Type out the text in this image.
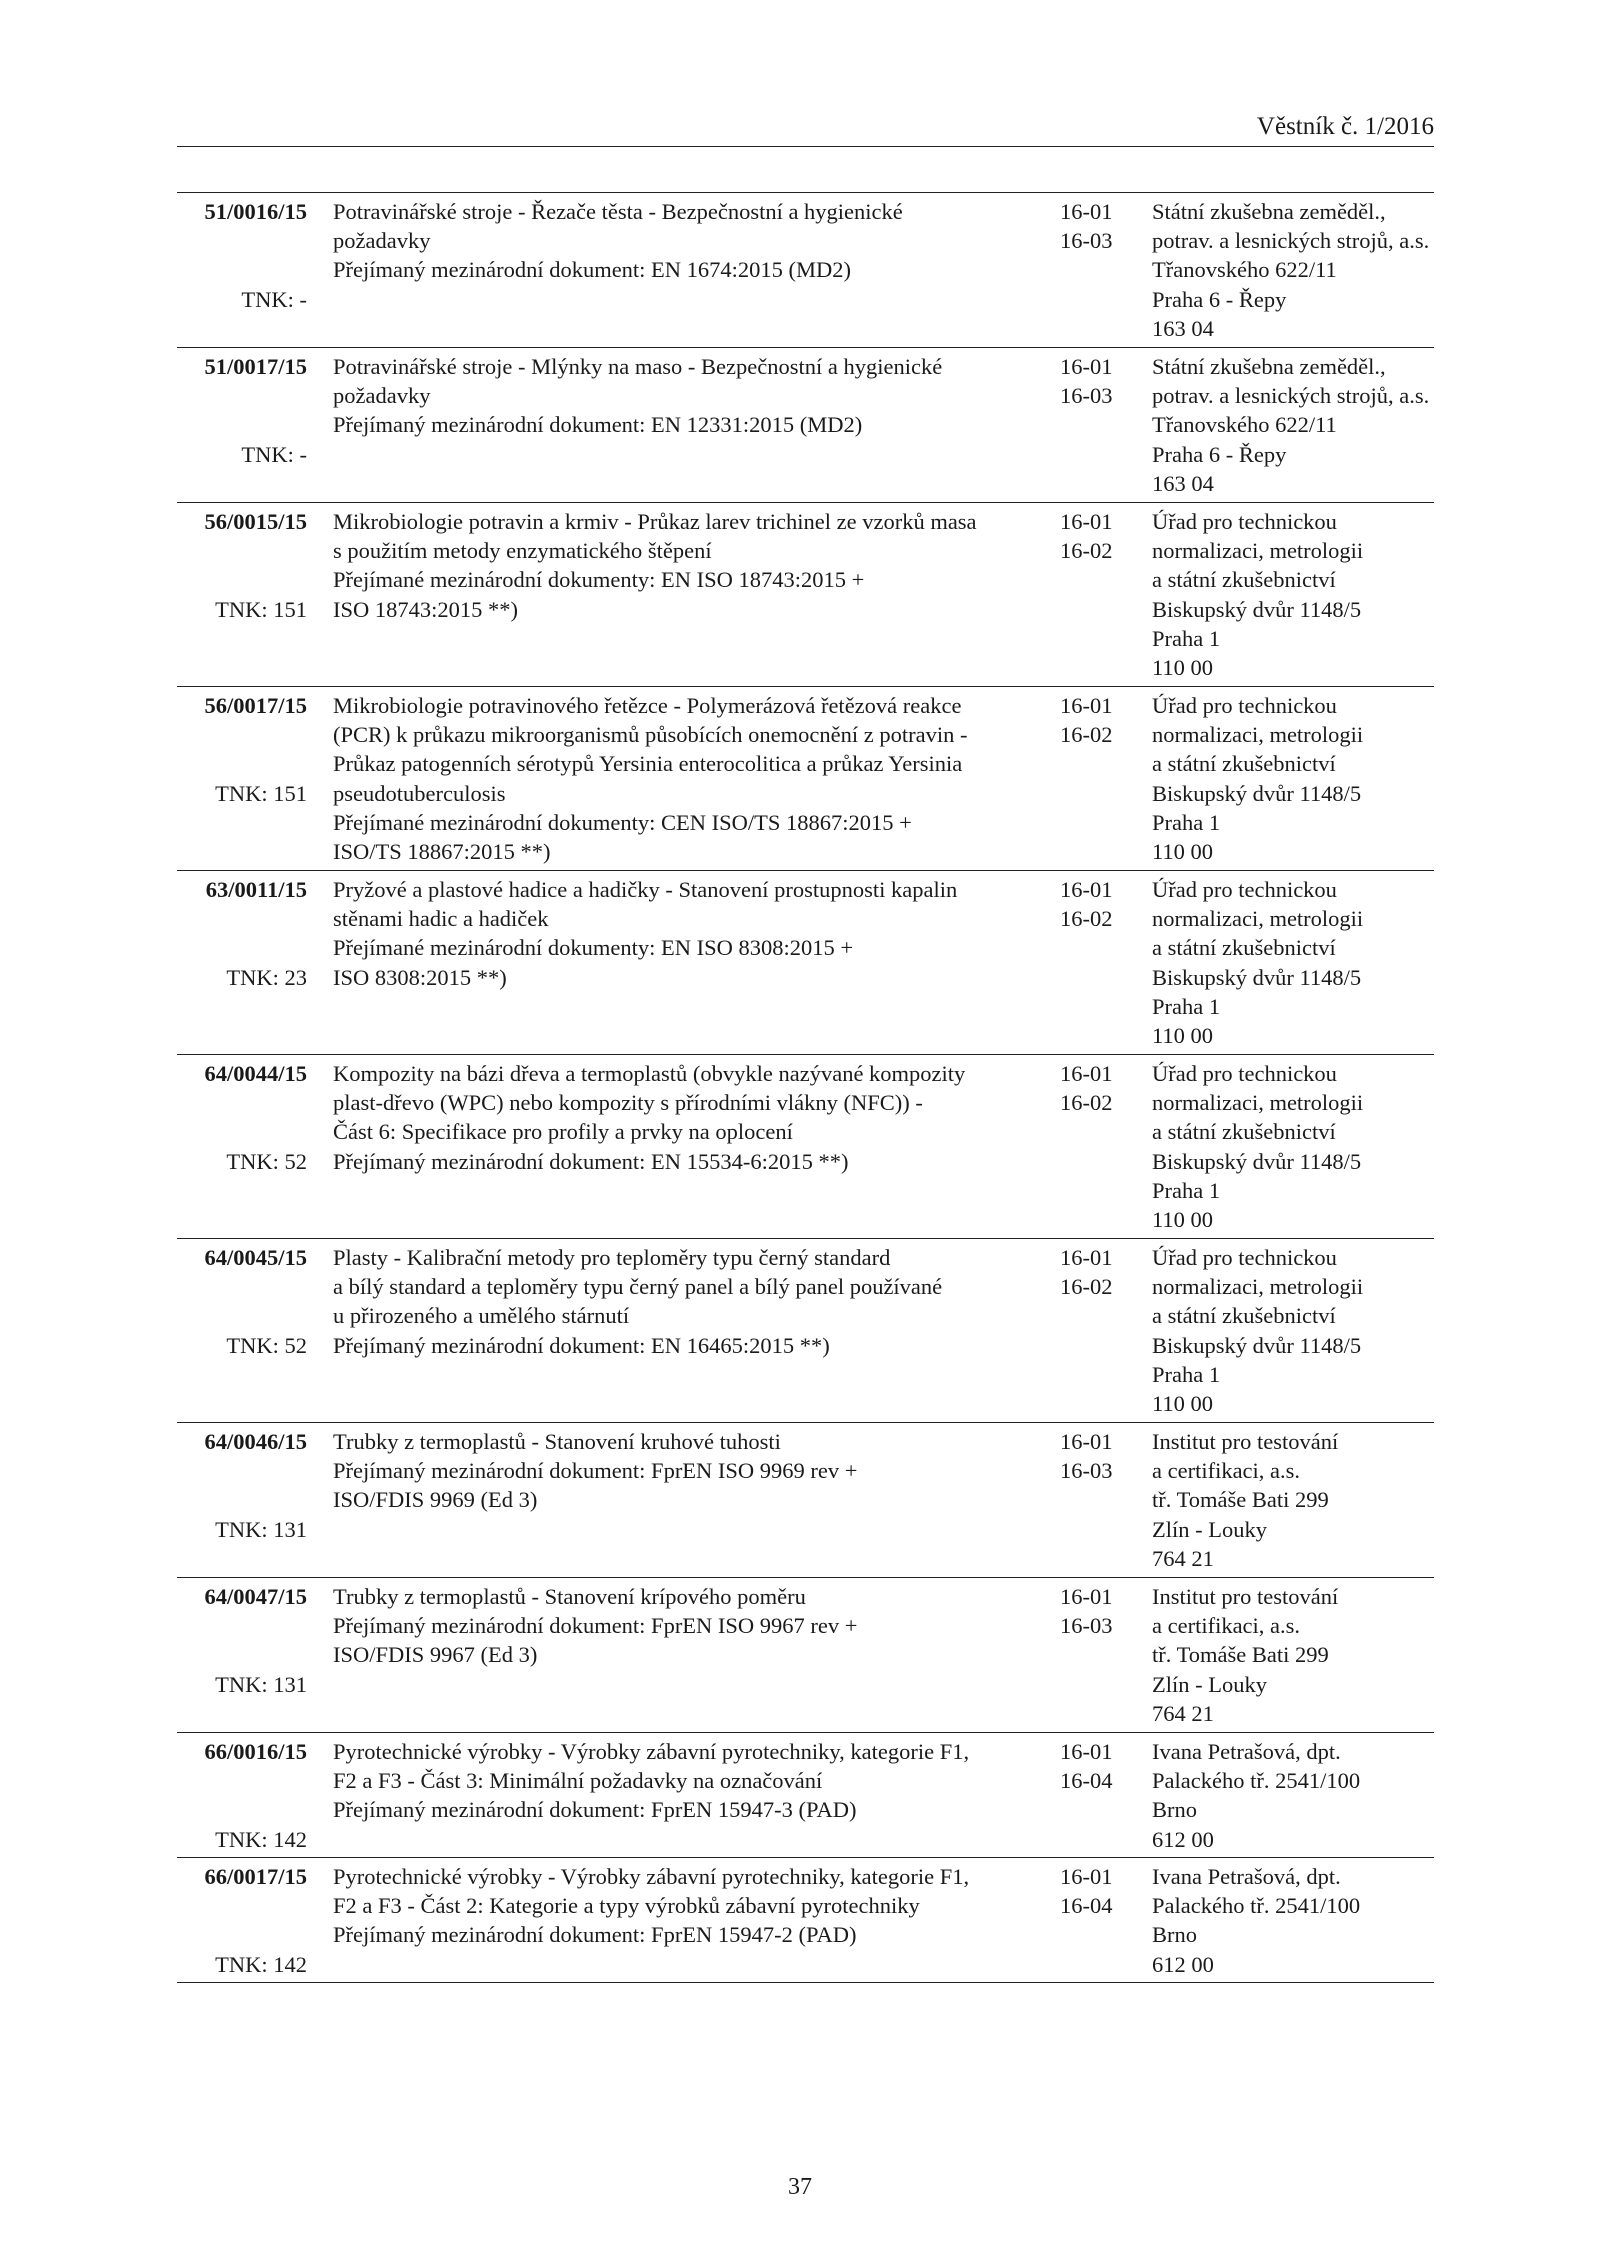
Věstník č. 1/2016
51/0016/15
TNK: -
Potravinářské stroje - Řezače těsta - Bezpečnostní a hygienické
požadavky
Přejímaný mezinárodní dokument: EN 1674:2015 (MD2)
16-01
16-03
Státní zkušebna zeměděl.,
potrav. a lesnických strojů, a.s.
Třanovského 622/11
Praha 6 - Řepy
163 04
51/0017/15
TNK: -
Potravinářské stroje - Mlýnky na maso - Bezpečnostní a hygienické
požadavky
Přejímaný mezinárodní dokument: EN 12331:2015 (MD2)
16-01
16-03
Státní zkušebna zeměděl.,
potrav. a lesnických strojů, a.s.
Třanovského 622/11
Praha 6 - Řepy
163 04
56/0015/15
TNK: 151
Mikrobiologie potravin a krmiv - Průkaz larev trichinel ze vzorků masa
s použitím metody enzymatického štěpení
Přejímané mezinárodní dokumenty: EN ISO 18743:2015 +
ISO 18743:2015 **)
16-01
16-02
Úřad pro technickou
normalizaci, metrologii
a státní zkušebnictví
Biskupský dvůr 1148/5
Praha 1
110 00
56/0017/15
TNK: 151
Mikrobiologie potravinového řetězce - Polymerázová řetězová reakce
(PCR) k průkazu mikroorganismů působících onemocnění z potravin -
Průkaz patogenních sérotypů Yersinia enterocolitica a průkaz Yersinia
pseudotuberculosis
Přejímané mezinárodní dokumenty: CEN ISO/TS 18867:2015 +
ISO/TS 18867:2015 **)
16-01
16-02
Úřad pro technickou
normalizaci, metrologii
a státní zkušebnictví
Biskupský dvůr 1148/5
Praha 1
110 00
63/0011/15
TNK: 23
Pryžové a plastové hadice a hadičky - Stanovení prostupnosti kapalin
stěnami hadic a hadiček
Přejímané mezinárodní dokumenty: EN ISO 8308:2015 +
ISO 8308:2015 **)
16-01
16-02
Úřad pro technickou
normalizaci, metrologii
a státní zkušebnictví
Biskupský dvůr 1148/5
Praha 1
110 00
64/0044/15
TNK: 52
Kompozity na bázi dřeva a termoplastů (obvykle nazývané kompozity
plast-dřevo (WPC) nebo kompozity s přírodními vlákny (NFC)) -
Část 6: Specifikace pro profily a prvky na oplocení
Přejímaný mezinárodní dokument: EN 15534-6:2015 **)
16-01
16-02
Úřad pro technickou
normalizaci, metrologii
a státní zkušebnictví
Biskupský dvůr 1148/5
Praha 1
110 00
64/0045/15
TNK: 52
Plasty - Kalibrační metody pro teploměry typu černý standard
a bílý standard a teploměry typu černý panel a bílý panel používané
u přirozeného a umělého stárnutí
Přejímaný mezinárodní dokument: EN 16465:2015 **)
16-01
16-02
Úřad pro technickou
normalizaci, metrologii
a státní zkušebnictví
Biskupský dvůr 1148/5
Praha 1
110 00
64/0046/15
TNK: 131
Trubky z termoplastů - Stanovení kruhové tuhosti
Přejímaný mezinárodní dokument: FprEN ISO 9969 rev +
ISO/FDIS 9969 (Ed 3)
16-01
16-03
Institut pro testování
a certifikaci, a.s.
tř. Tomáše Bati 299
Zlín - Louky
764 21
64/0047/15
TNK: 131
Trubky z termoplastů - Stanovení krípového poměru
Přejímaný mezinárodní dokument: FprEN ISO 9967 rev +
ISO/FDIS 9967 (Ed 3)
16-01
16-03
Institut pro testování
a certifikaci, a.s.
tř. Tomáše Bati 299
Zlín - Louky
764 21
66/0016/15
TNK: 142
Pyrotechnické výrobky - Výrobky zábavní pyrotechniky, kategorie F1,
F2 a F3 - Část 3: Minimální požadavky na označování
Přejímaný mezinárodní dokument: FprEN 15947-3 (PAD)
16-01
16-04
Ivana Petrašová, dpt.
Palackého tř. 2541/100
Brno
612 00
66/0017/15
TNK: 142
Pyrotechnické výrobky - Výrobky zábavní pyrotechniky, kategorie F1,
F2 a F3 - Část 2: Kategorie a typy výrobků zábavní pyrotechniky
Přejímaný mezinárodní dokument: FprEN 15947-2 (PAD)
16-01
16-04
Ivana Petrašová, dpt.
Palackého tř. 2541/100
Brno
612 00
37
